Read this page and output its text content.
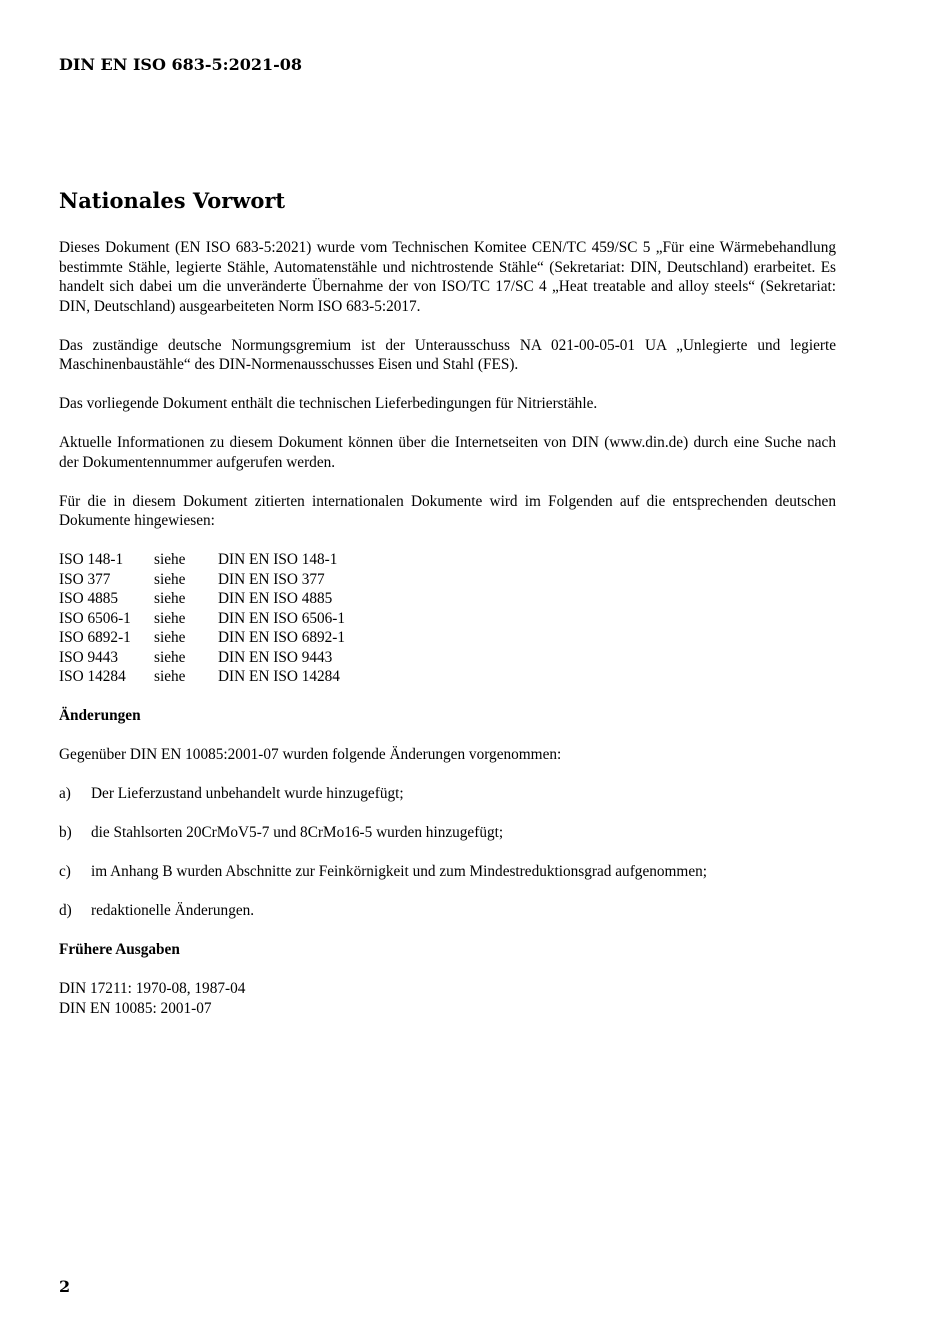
DIN EN ISO 683-5:2021-08
Nationales Vorwort

Dieses Dokument (EN ISO 683-5:2021) wurde vom Technischen Komitee CEN/TC 459/SC 5 „Für eine Wärmebehandlung bestimmte Stähle, legierte Stähle, Automatenstähle und nichtrostende Stähle“ (Sekretariat: DIN, Deutschland) erarbeitet. Es handelt sich dabei um die unveränderte Übernahme der von ISO/TC 17/SC 4 „Heat treatable and alloy steels“ (Sekretariat: DIN, Deutschland) ausgearbeiteten Norm ISO 683-5:2017.

Das zuständige deutsche Normungsgremium ist der Unterausschuss NA 021-00-05-01 UA „Unlegierte und legierte Maschinenbaustähle“ des DIN-Normenausschusses Eisen und Stahl (FES).

Das vorliegende Dokument enthält die technischen Lieferbedingungen für Nitrierstähle.

Aktuelle Informationen zu diesem Dokument können über die Internetseiten von DIN (www.din.de) durch eine Suche nach der Dokumentennummer aufgerufen werden.

Für die in diesem Dokument zitierten internationalen Dokumente wird im Folgenden auf die entsprechenden deutschen Dokumente hingewiesen:

ISO 148-1	siehe	DIN EN ISO 148-1
ISO 377	siehe	DIN EN ISO 377
ISO 4885	siehe	DIN EN ISO 4885
ISO 6506-1	siehe	DIN EN ISO 6506-1
ISO 6892-1	siehe	DIN EN ISO 6892-1
ISO 9443	siehe	DIN EN ISO 9443
ISO 14284	siehe	DIN EN ISO 14284
Änderungen

Gegenüber DIN EN 10085:2001-07 wurden folgende Änderungen vorgenommen:

a)	Der Lieferzustand unbehandelt wurde hinzugefügt;
b)	die Stahlsorten 20CrMoV5-7 und 8CrMo16-5 wurden hinzugefügt;
c)	im Anhang B wurden Abschnitte zur Feinkörnigkeit und zum Mindestreduktionsgrad aufgenommen;
d)	redaktionelle Änderungen.
Frühere Ausgaben
DIN 17211: 1970-08, 1987-04
DIN EN 10085: 2001-07
2
